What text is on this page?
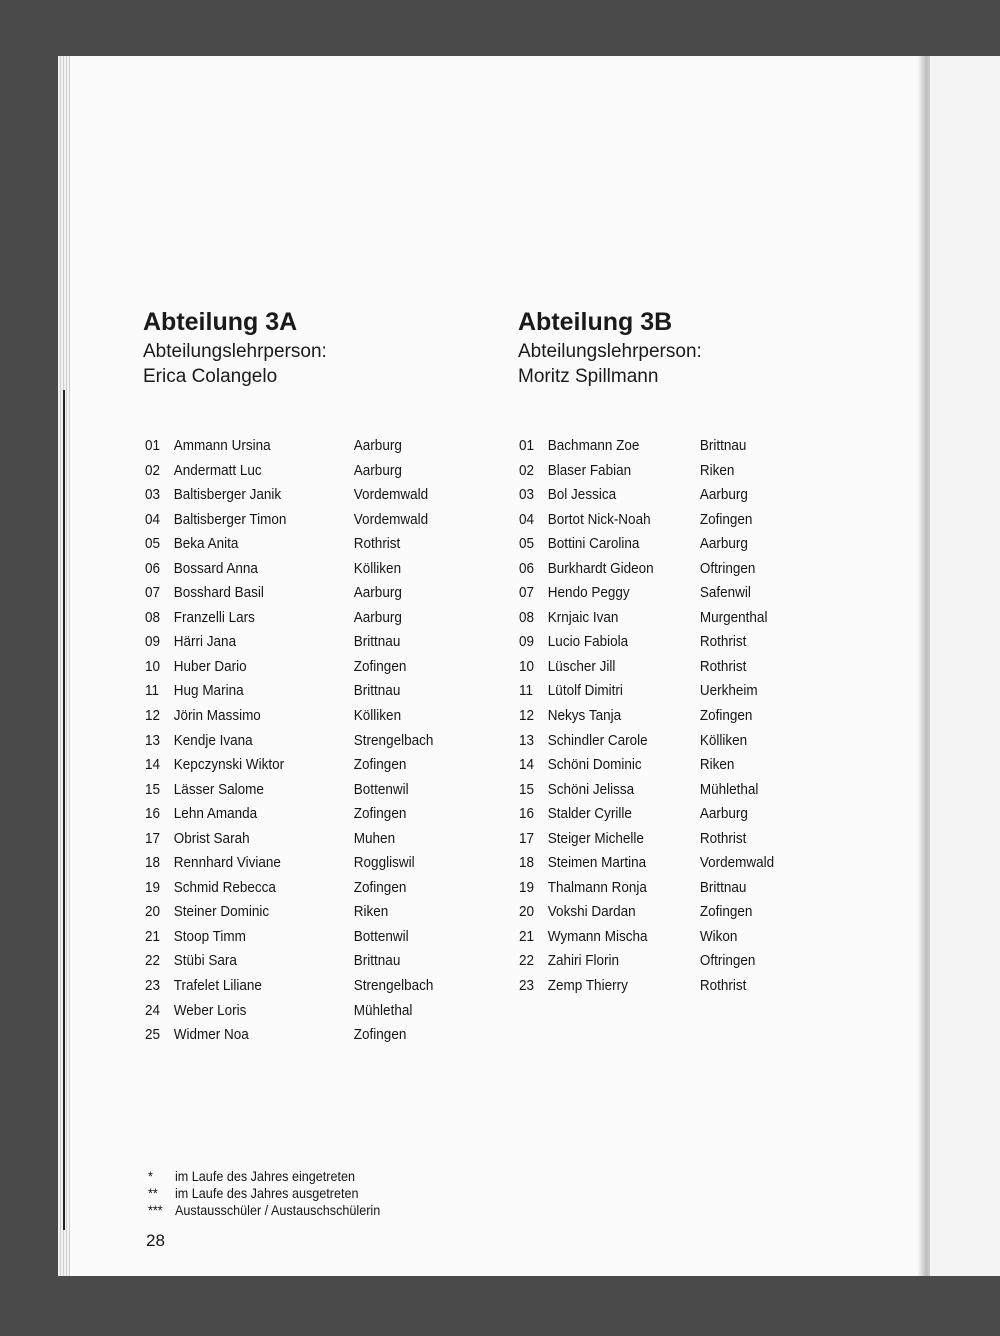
Abteilung 3A
Abteilungslehrperson:
Erica Colangelo
Abteilung 3B
Abteilungslehrperson:
Moritz Spillmann
01 Ammann Ursina	Aarburg
02 Andermatt Luc	Aarburg
03 Baltisberger Janik	Vordemwald
04 Baltisberger Timon	Vordemwald
05 Beka Anita	Rothrist
06 Bossard Anna	Kölliken
07 Bosshard Basil	Aarburg
08 Franzelli Lars	Aarburg
09 Härri Jana	Brittnau
10 Huber Dario	Zofingen
11 Hug Marina	Brittnau
12 Jörin Massimo	Kölliken
13 Kendje Ivana	Strengelbach
14 Kepczynski Wiktor	Zofingen
15 Lässer Salome	Bottenwil
16 Lehn Amanda	Zofingen
17 Obrist Sarah	Muhen
18 Rennhard Viviane	Roggliswil
19 Schmid Rebecca	Zofingen
20 Steiner Dominic	Riken
21 Stoop Timm	Bottenwil
22 Stübi Sara	Brittnau
23 Trafelet Liliane	Strengelbach
24 Weber Loris	Mühlethal
25 Widmer Noa	Zofingen
01 Bachmann Zoe	Brittnau
02 Blaser Fabian	Riken
03 Bol Jessica	Aarburg
04 Bortot Nick-Noah	Zofingen
05 Bottini Carolina	Aarburg
06 Burkhardt Gideon	Oftringen
07 Hendo Peggy	Safenwil
08 Krnjaic Ivan	Murgenthal
09 Lucio Fabiola	Rothrist
10 Lüscher Jill	Rothrist
11 Lütolf Dimitri	Uerkheim
12 Nekys Tanja	Zofingen
13 Schindler Carole	Kölliken
14 Schöni Dominic	Riken
15 Schöni Jelissa	Mühlethal
16 Stalder Cyrille	Aarburg
17 Steiger Michelle	Rothrist
18 Steimen Martina	Vordemwald
19 Thalmann Ronja	Brittnau
20 Vokshi Dardan	Zofingen
21 Wymann Mischa	Wikon
22 Zahiri Florin	Oftringen
23 Zemp Thierry	Rothrist
* im Laufe des Jahres eingetreten
** im Laufe des Jahres ausgetreten
*** Austausschüler / Austauschschülerin
28
